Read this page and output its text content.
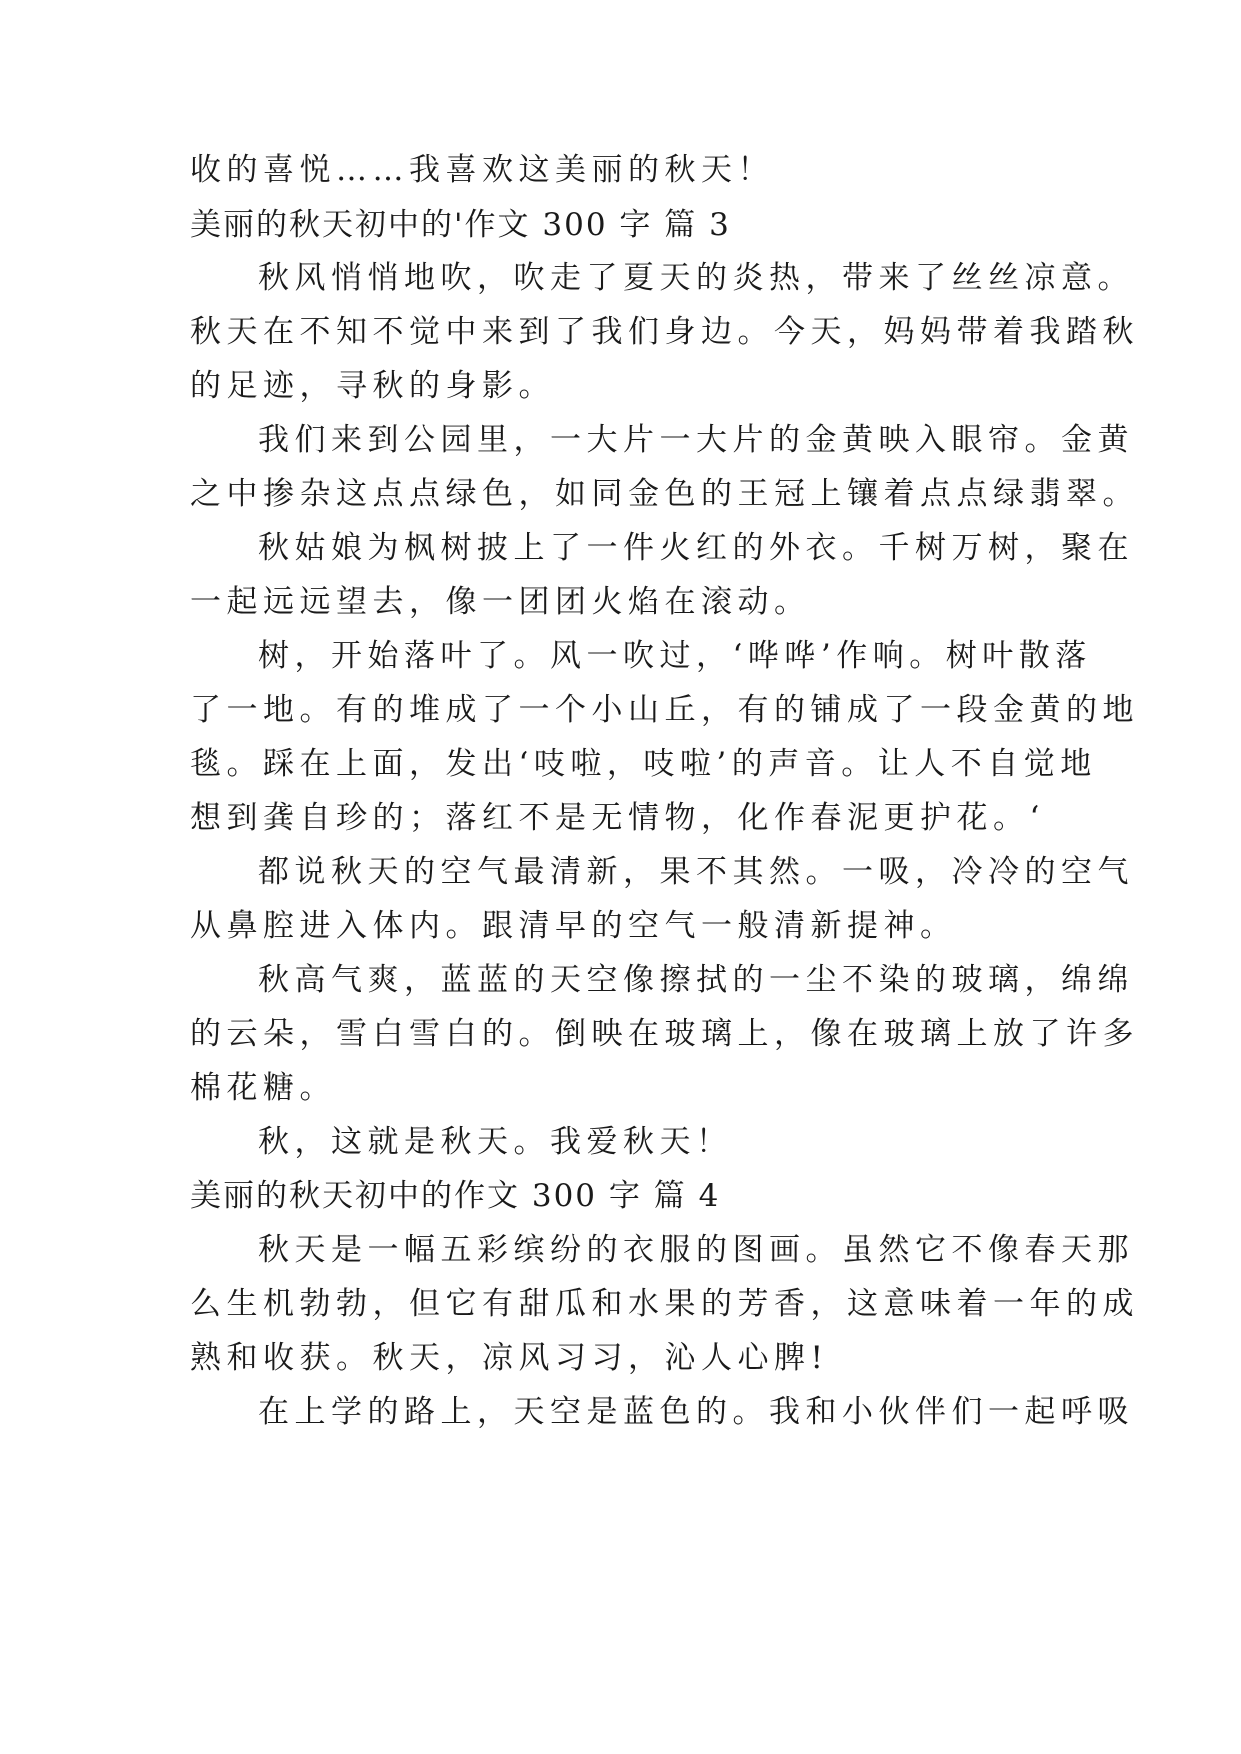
收的喜悦……我喜欢这美丽的秋天！
美丽的秋天初中的'作文 300 字 篇 3
秋风悄悄地吹，吹走了夏天的炎热，带来了丝丝凉意。
秋天在不知不觉中来到了我们身边。今天，妈妈带着我踏秋
的足迹，寻秋的身影。
我们来到公园里，一大片一大片的金黄映入眼帘。金黄
之中掺杂这点点绿色，如同金色的王冠上镶着点点绿翡翠。
秋姑娘为枫树披上了一件火红的外衣。千树万树，聚在
一起远远望去，像一团团火焰在滚动。
树，开始落叶了。风一吹过，‘哗哗’作响。树叶散落
了一地。有的堆成了一个小山丘，有的铺成了一段金黄的地
毯。踩在上面，发出‘吱啦，吱啦’的声音。让人不自觉地
想到龚自珍的；落红不是无情物，化作春泥更护花。‘
都说秋天的空气最清新，果不其然。一吸，冷冷的空气
从鼻腔进入体内。跟清早的空气一般清新提神。
秋高气爽，蓝蓝的天空像擦拭的一尘不染的玻璃，绵绵
的云朵，雪白雪白的。倒映在玻璃上，像在玻璃上放了许多
棉花糖。
秋，这就是秋天。我爱秋天！
美丽的秋天初中的作文 300 字 篇 4
秋天是一幅五彩缤纷的衣服的图画。虽然它不像春天那
么生机勃勃，但它有甜瓜和水果的芳香，这意味着一年的成
熟和收获。秋天，凉风习习，沁人心脾!
在上学的路上，天空是蓝色的。我和小伙伴们一起呼吸
